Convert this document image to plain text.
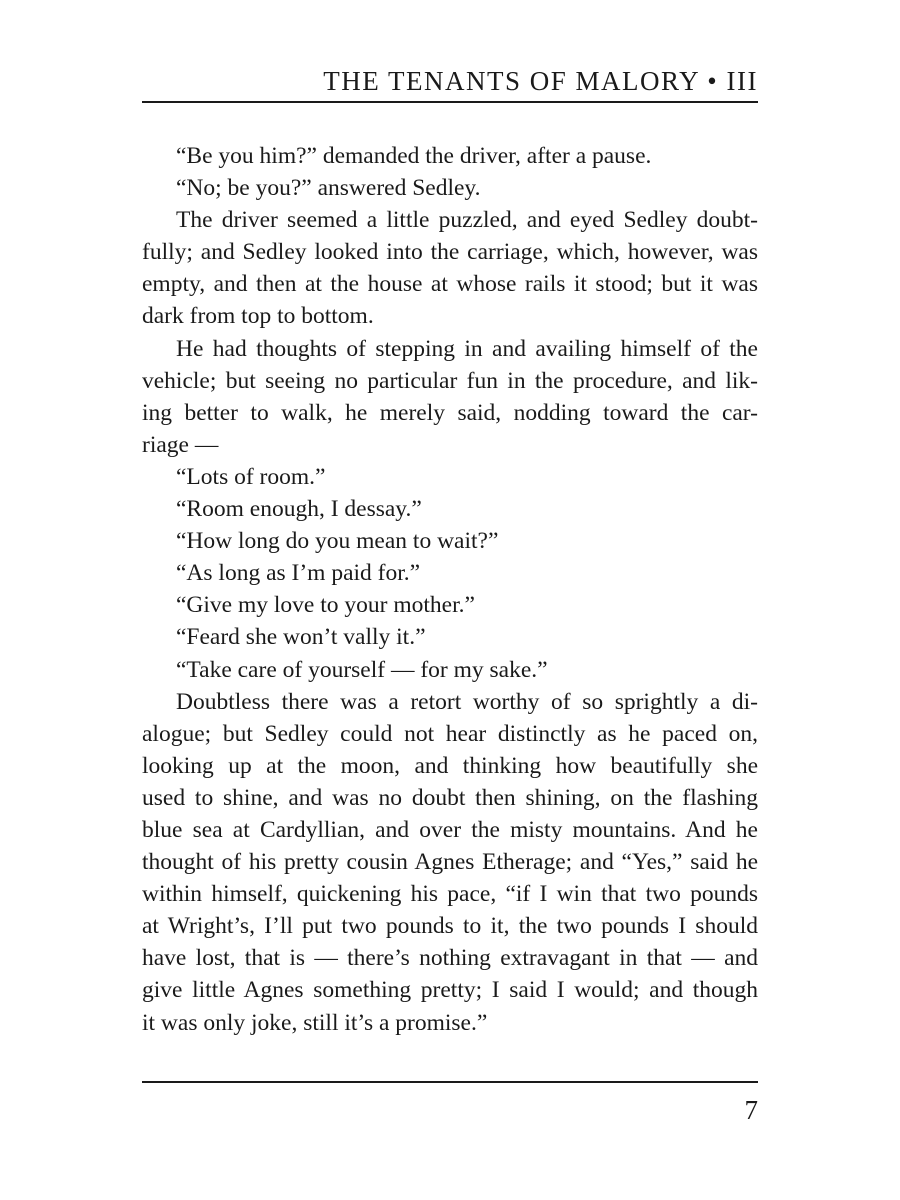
THE TENANTS OF MALORY • III
“Be you him?” demanded the driver, after a pause.
“No; be you?” answered Sedley.
The driver seemed a little puzzled, and eyed Sedley doubt-
fully; and Sedley looked into the carriage, which, however, was
empty, and then at the house at whose rails it stood; but it was
dark from top to bottom.
He had thoughts of stepping in and availing himself of the
vehicle; but seeing no particular fun in the procedure, and lik-
ing better to walk, he merely said, nodding toward the car-
riage —
“Lots of room.”
“Room enough, I dessay.”
“How long do you mean to wait?”
“As long as I’m paid for.”
“Give my love to your mother.”
“Feard she won’t vally it.”
“Take care of yourself — for my sake.”
Doubtless there was a retort worthy of so sprightly a di-
alogue; but Sedley could not hear distinctly as he paced on,
looking up at the moon, and thinking how beautifully she
used to shine, and was no doubt then shining, on the flashing
blue sea at Cardyllian, and over the misty mountains. And he
thought of his pretty cousin Agnes Etherage; and “Yes,” said he
within himself, quickening his pace, “if I win that two pounds
at Wright’s, I’ll put two pounds to it, the two pounds I should
have lost, that is — there’s nothing extravagant in that — and
give little Agnes something pretty; I said I would; and though
it was only joke, still it’s a promise.”
7
